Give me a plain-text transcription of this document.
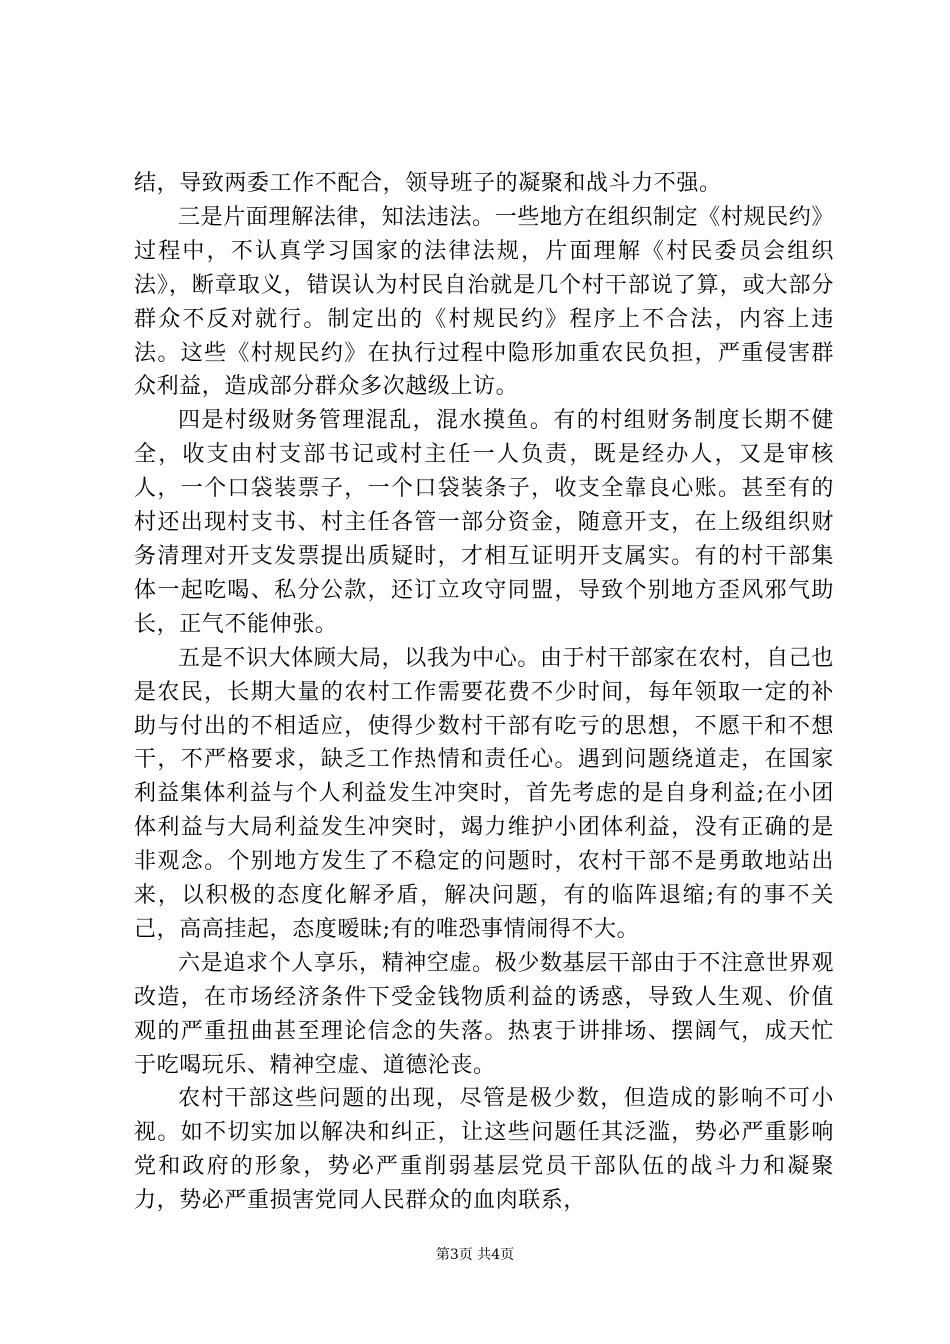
结，导致两委工作不配合，领导班子的凝聚和战斗力不强。

三是片面理解法律，知法违法。一些地方在组织制定《村规民约》过程中，不认真学习国家的法律法规，片面理解《村民委员会组织法》，断章取义，错误认为村民自治就是几个村干部说了算，或大部分群众不反对就行。制定出的《村规民约》程序上不合法，内容上违法。这些《村规民约》在执行过程中隐形加重农民负担，严重侵害群众利益，造成部分群众多次越级上访。

四是村级财务管理混乱，混水摸鱼。有的村组财务制度长期不健全，收支由村支部书记或村主任一人负责，既是经办人，又是审核人，一个口袋装票子，一个口袋装条子，收支全靠良心账。甚至有的村还出现村支书、村主任各管一部分资金，随意开支，在上级组织财务清理对开支发票提出质疑时，才相互证明开支属实。有的村干部集体一起吃喝、私分公款，还订立攻守同盟，导致个别地方歪风邪气助长，正气不能伸张。

五是不识大体顾大局，以我为中心。由于村干部家在农村，自己也是农民，长期大量的农村工作需要花费不少时间，每年领取一定的补助与付出的不相适应，使得少数村干部有吃亏的思想，不愿干和不想干，不严格要求，缺乏工作热情和责任心。遇到问题绕道走，在国家利益集体利益与个人利益发生冲突时，首先考虑的是自身利益;在小团体利益与大局利益发生冲突时，竭力维护小团体利益，没有正确的是非观念。个别地方发生了不稳定的问题时，农村干部不是勇敢地站出来，以积极的态度化解矛盾，解决问题，有的临阵退缩;有的事不关己，高高挂起，态度暧昧;有的唯恐事情闹得不大。

六是追求个人享乐，精神空虚。极少数基层干部由于不注意世界观改造，在市场经济条件下受金钱物质利益的诱惑，导致人生观、价值观的严重扭曲甚至理论信念的失落。热衷于讲排场、摆阔气，成天忙于吃喝玩乐、精神空虚、道德沦丧。

农村干部这些问题的出现，尽管是极少数，但造成的影响不可小视。如不切实加以解决和纠正，让这些问题任其泛滥，势必严重影响党和政府的形象，势必严重削弱基层党员干部队伍的战斗力和凝聚力，势必严重损害党同人民群众的血肉联系，

第3页 共4页
